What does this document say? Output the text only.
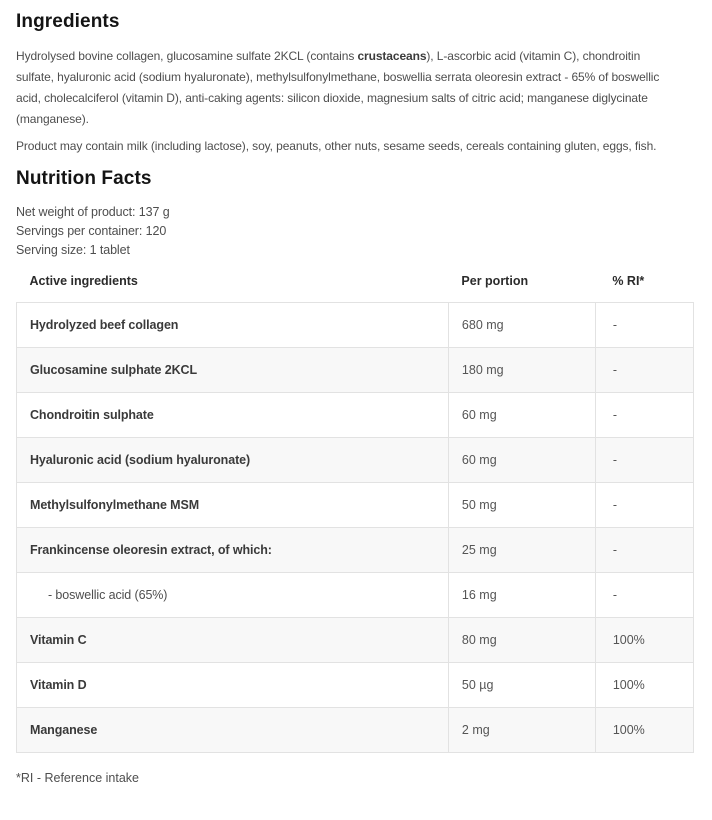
Ingredients

Hydrolysed bovine collagen, glucosamine sulfate 2KCL (contains crustaceans), L-ascorbic acid (vitamin C), chondroitin sulfate, hyaluronic acid (sodium hyaluronate), methylsulfonylmethane, boswellia serrata oleoresin extract - 65% of boswellic acid, cholecalciferol (vitamin D), anti-caking agents: silicon dioxide, magnesium salts of citric acid; manganese diglycinate (manganese).

Product may contain milk (including lactose), soy, peanuts, other nuts, sesame seeds, cereals containing gluten, eggs, fish.

Nutrition Facts

Net weight of product: 137 g

Servings per container: 120

Serving size: 1 tablet

Active ingredients	Per portion	% RI*
Hydrolyzed beef collagen	680 mg	-
Glucosamine sulphate 2KCL	180 mg	-
Chondroitin sulphate	60 mg	-
Hyaluronic acid (sodium hyaluronate)	60 mg	-
Methylsulfonylmethane MSM	50 mg	-
Frankincense oleoresin extract, of which:	25 mg	-
- boswellic acid (65%)	16 mg	-
Vitamin C	80 mg	100%
Vitamin D	50 µg	100%
Manganese	2 mg	100%

*RI - Reference intake
